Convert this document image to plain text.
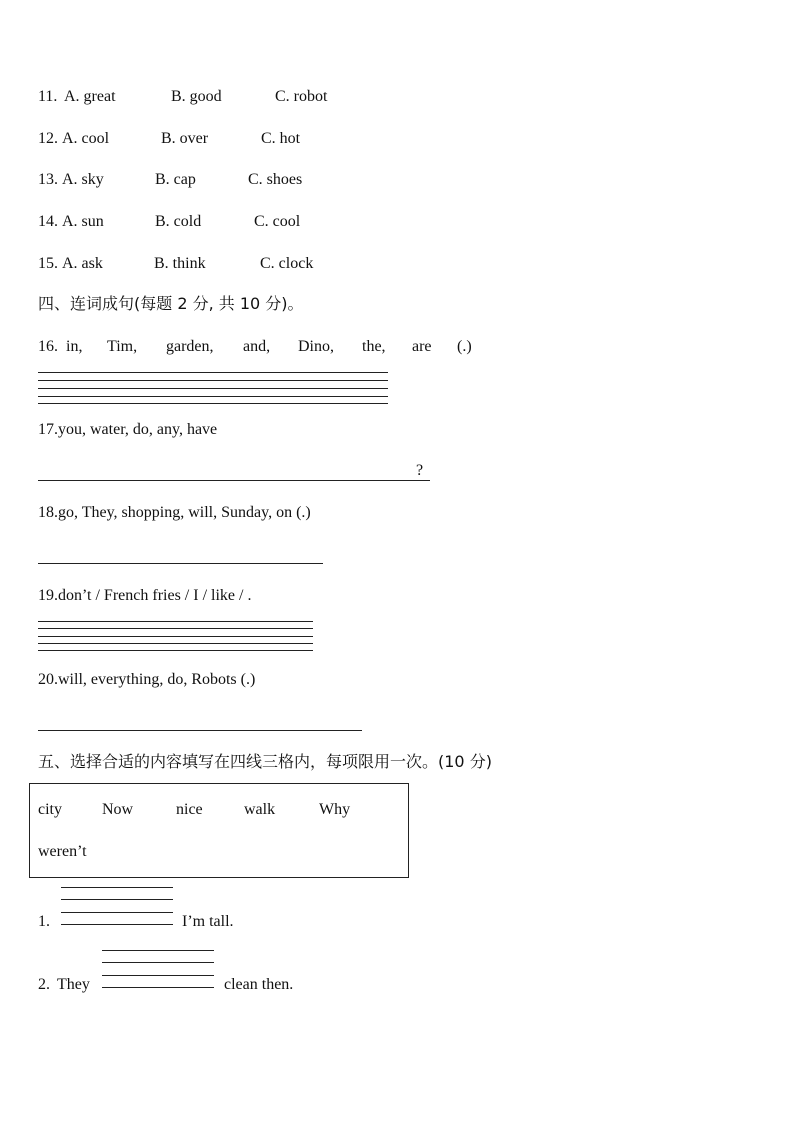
11. A. great	B. good	C. robot
12. A. cool	B. over	C. hot
13. A. sky	B. cap	C. shoes
14. A. sun	B. cold	C. cool
15. A. ask	B. think	C. clock
四、连词成句(每题 2 分, 共 10 分)。
16. in, Tim, garden, and, Dino, the, are (.)
17.you, water, do, any, have
?
18.go, They, shopping, will, Sunday, on (.)
19.don’t / French fries / I / like / .
20.will, everything, do, Robots (.)
五、选择合适的内容填写在四线三格内，每项限用一次。(10 分)
city	Now	nice	walk	Why
weren’t
1.	I’m tall.
2. They	clean then.
